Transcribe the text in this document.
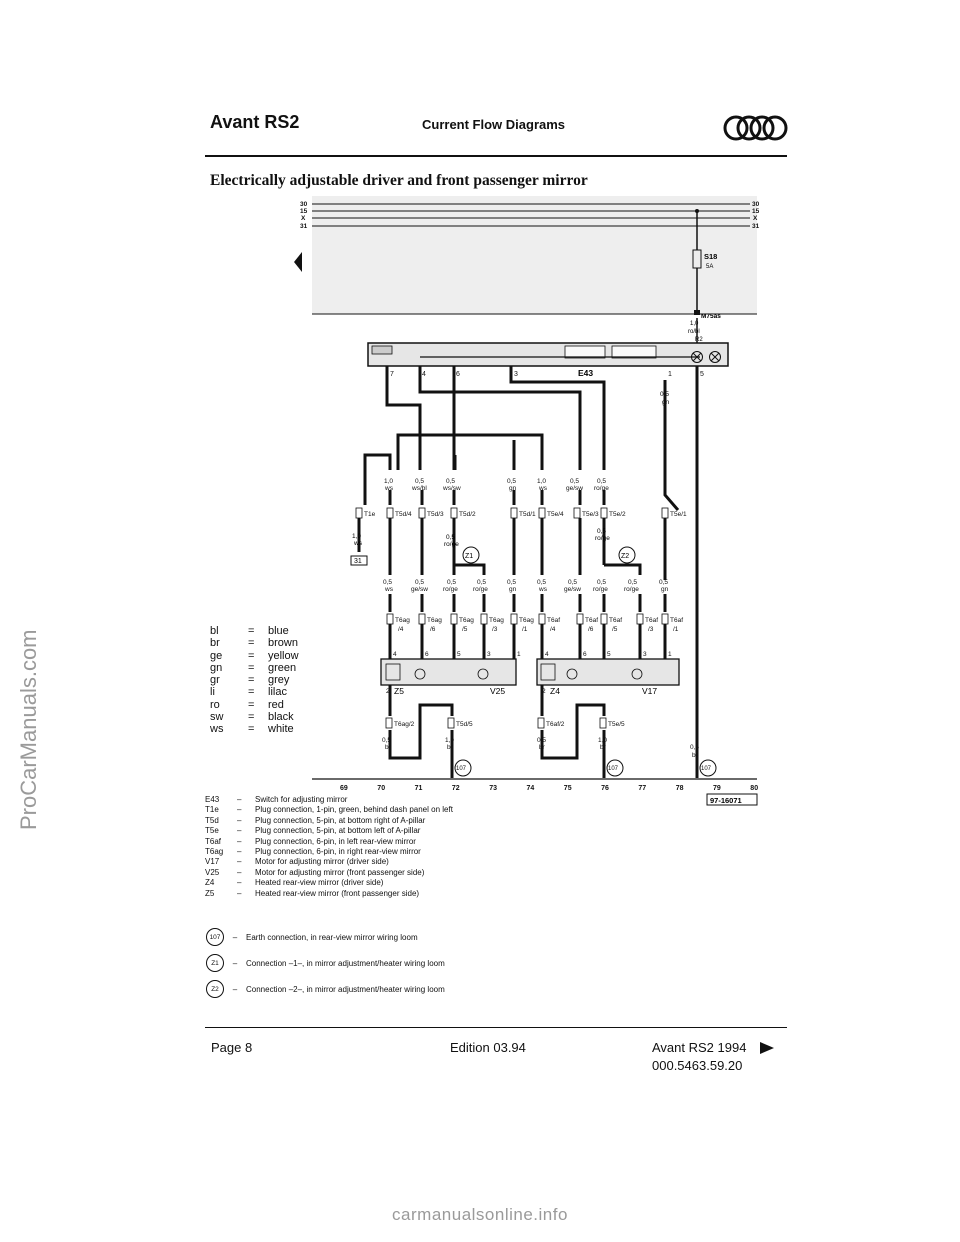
Avant RS2	Current Flow Diagrams
Electrically adjustable driver and front passenger mirror
ProCarManuals.com
30
15
X
31
30
15
X
31
S18
5A
M75as
1,0
ro/bl
R2
7	4	6	3	1	5
E43
0,5
gn
1,0
ws
0,5
ws/bl
0,5
ws/sw
0,5
gn
1,0
ws
0,5
ge/sw
0,5
ro/ge
T1e	T5d/4 T5d/3 T5d/2	T5d/1 T5e/4	T5e/3 T5e/2	T5e/1
1,0
ws
31
0,5
ro/ge
Z1
0,5
ro/ge
Z2
0,5
ws
0,5
ge/sw
0,5
ro/ge
0,5
ro/ge
0,5
gn
0,5
ws
0,5
ge/sw
0,5
ro/ge
0,5
ro/ge
0,5
gn
T6ag
/4
T6ag
/6
T6ag
/5
T6ag
/3
T6ag
/1
T6af
/4
T6af
/6
T6af
/5
T6af
/3
T6af
/1
4	6	5	3	1	4	6	5	3	1
2 Z5	V25	2 Z4	V17
T6ag/2	T5d/5	T6af/2	T5e/5
0,5
br
1,0
br
0,5
br
1,0
br	0,5
br
107	107	107
69	70	71	72	73	74	75	76	77	78	79	80
97-16071
bl	=	blue
br	=	brown
ge	=	yellow
gn	=	green
gr	=	grey
li	=	lilac
ro	=	red
sw	=	black
ws	=	white
E43	–	Switch for adjusting mirror
T1e	–	Plug connection, 1-pin, green, behind dash panel on left
T5d	–	Plug connection, 5-pin, at bottom right of A-pillar
T5e	–	Plug connection, 5-pin, at bottom left of A-pillar
T6af	–	Plug connection, 6-pin, in left rear-view mirror
T6ag	–	Plug connection, 6-pin, in right rear-view mirror
V17	–	Motor for adjusting mirror (driver side)
V25	–	Motor for adjusting mirror (front passenger side)
Z4	–	Heated rear-view mirror (driver side)
Z5	–	Heated rear-view mirror (front passenger side)
107	–	Earth connection, in rear-view mirror wiring loom
Z1	–	Connection –1–, in mirror adjustment/heater wiring loom
Z2	–	Connection –2–, in mirror adjustment/heater wiring loom
Page 8	Edition 03.94	Avant RS2 1994
000.5463.59.20
carmanualsonline.info
